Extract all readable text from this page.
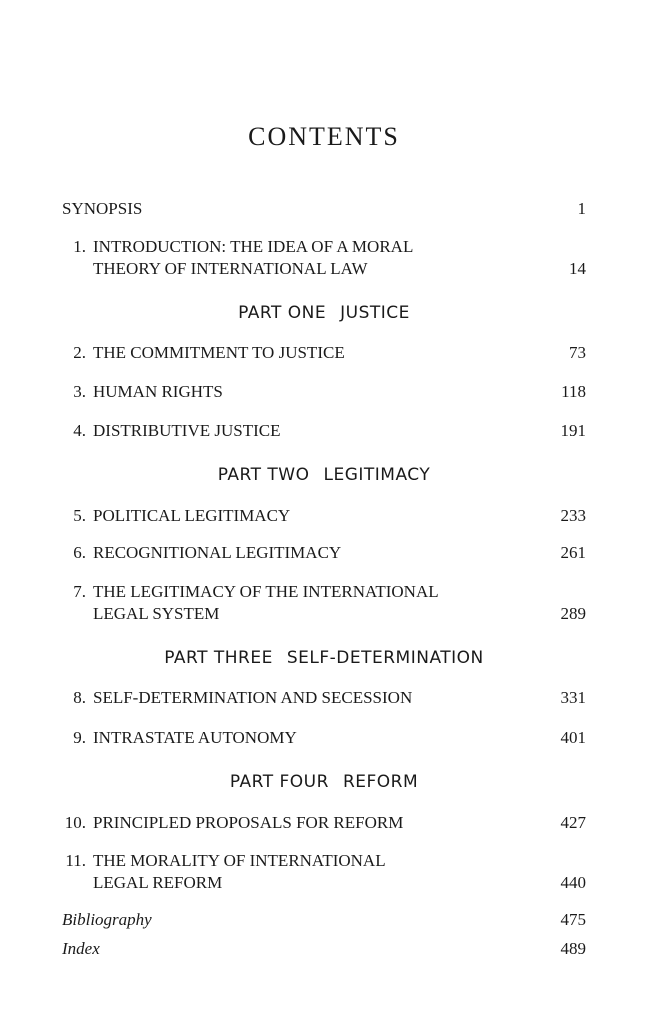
CONTENTS
SYNOPSIS	1
1. INTRODUCTION: THE IDEA OF A MORAL
THEORY OF INTERNATIONAL LAW	14
PART ONE JUSTICE
2. THE COMMITMENT TO JUSTICE	73
3. HUMAN RIGHTS	118
4. DISTRIBUTIVE JUSTICE	191
PART TWO LEGITIMACY
5. POLITICAL LEGITIMACY	233
6. RECOGNITIONAL LEGITIMACY	261
7. THE LEGITIMACY OF THE INTERNATIONAL
LEGAL SYSTEM	289
PART THREE SELF-DETERMINATION
8. SELF-DETERMINATION AND SECESSION	331
9. INTRASTATE AUTONOMY	401
PART FOUR REFORM
10. PRINCIPLED PROPOSALS FOR REFORM	427
11. THE MORALITY OF INTERNATIONAL
LEGAL REFORM	440
Bibliography	475
Index	489
